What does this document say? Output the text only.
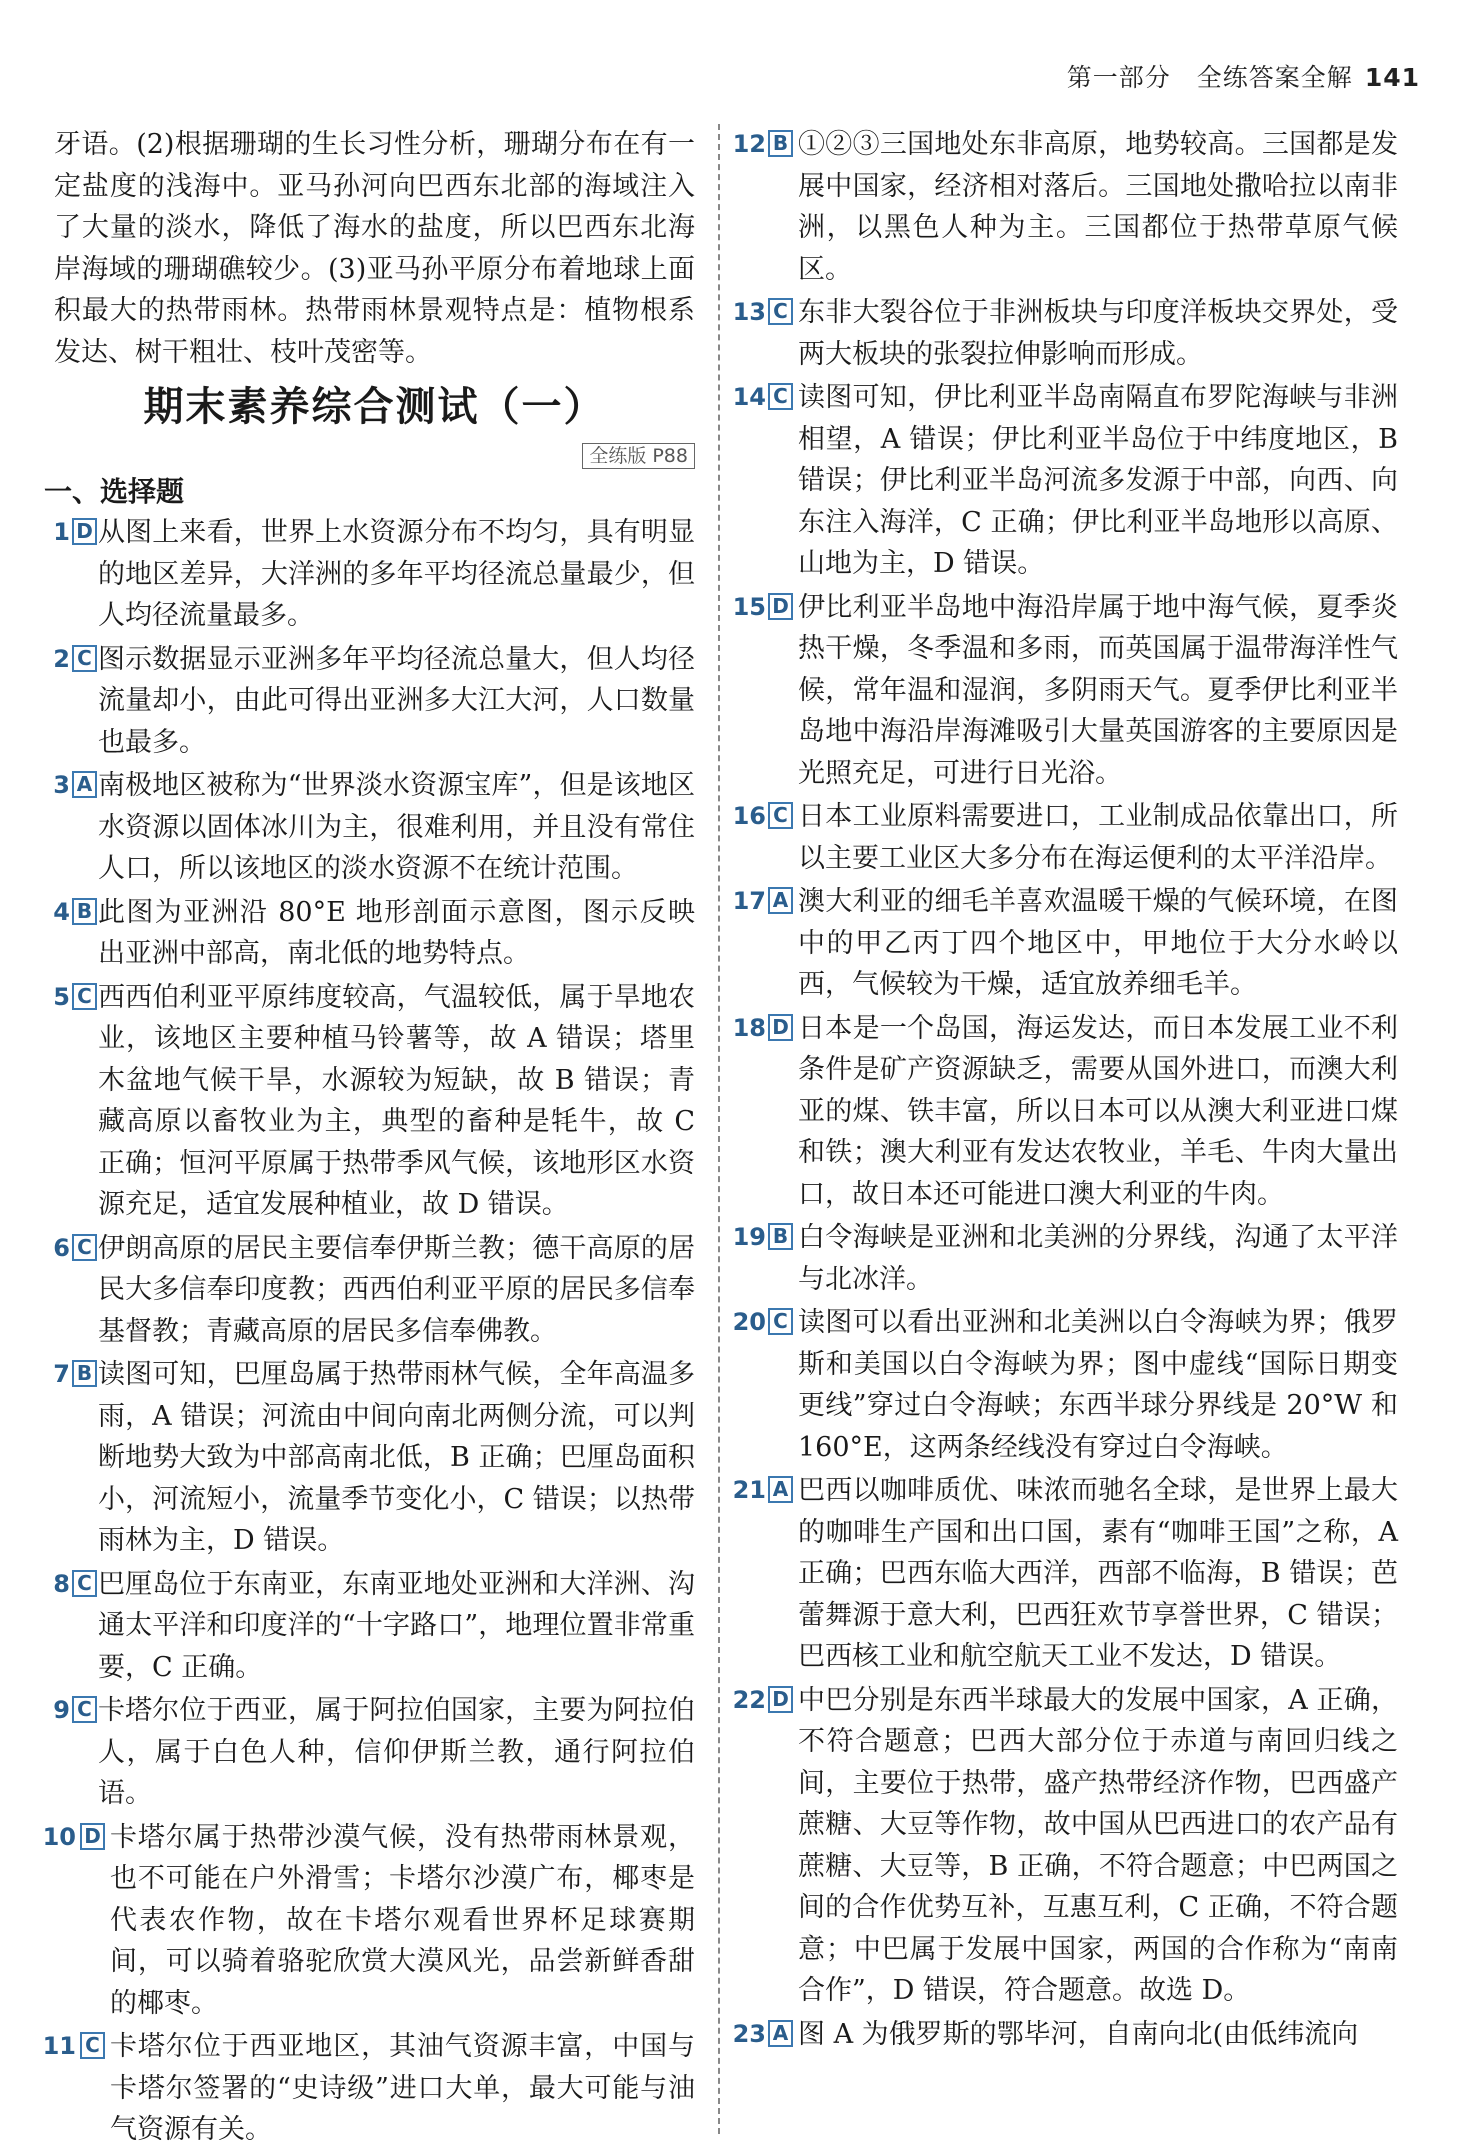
第一部分　全练答案全解 141

牙语。(2)根据珊瑚的生长习性分析，珊瑚分布在有一定盐度的浅海中。亚马孙河向巴西东北部的海域注入了大量的淡水，降低了海水的盐度，所以巴西东北海岸海域的珊瑚礁较少。(3)亚马孙平原分布着地球上面积最大的热带雨林。热带雨林景观特点是：植物根系发达、树干粗壮、枝叶茂密等。

期末素养综合测试（一）
全练版 P88
一、选择题
1 D 从图上来看，世界上水资源分布不均匀，具有明显的地区差异，大洋洲的多年平均径流总量最少，但人均径流量最多。

2 C 图示数据显示亚洲多年平均径流总量大，但人均径流量却小，由此可得出亚洲多大江大河，人口数量也最多。

3 A 南极地区被称为“世界淡水资源宝库”，但是该地区水资源以固体冰川为主，很难利用，并且没有常住人口，所以该地区的淡水资源不在统计范围。

4 B 此图为亚洲沿 80°E 地形剖面示意图，图示反映出亚洲中部高，南北低的地势特点。

5 C 西西伯利亚平原纬度较高，气温较低，属于旱地农业，该地区主要种植马铃薯等，故 A 错误；塔里木盆地气候干旱，水源较为短缺，故 B 错误；青藏高原以畜牧业为主，典型的畜种是牦牛，故 C 正确；恒河平原属于热带季风气候，该地形区水资源充足，适宜发展种植业，故 D 错误。

6 C 伊朗高原的居民主要信奉伊斯兰教；德干高原的居民大多信奉印度教；西西伯利亚平原的居民多信奉基督教；青藏高原的居民多信奉佛教。

7 B 读图可知，巴厘岛属于热带雨林气候，全年高温多雨，A 错误；河流由中间向南北两侧分流，可以判断地势大致为中部高南北低，B 正确；巴厘岛面积小，河流短小，流量季节变化小，C 错误；以热带雨林为主，D 错误。

8 C 巴厘岛位于东南亚，东南亚地处亚洲和大洋洲、沟通太平洋和印度洋的“十字路口”，地理位置非常重要，C 正确。

9 C 卡塔尔位于西亚，属于阿拉伯国家，主要为阿拉伯人，属于白色人种，信仰伊斯兰教，通行阿拉伯语。

10 D 卡塔尔属于热带沙漠气候，没有热带雨林景观，也不可能在户外滑雪；卡塔尔沙漠广布，椰枣是代表农作物，故在卡塔尔观看世界杯足球赛期间，可以骑着骆驼欣赏大漠风光，品尝新鲜香甜的椰枣。

11 C 卡塔尔位于西亚地区，其油气资源丰富，中国与卡塔尔签署的“史诗级”进口大单，最大可能与油气资源有关。

12 B ①②③三国地处东非高原，地势较高。三国都是发展中国家，经济相对落后。三国地处撒哈拉以南非洲，以黑色人种为主。三国都位于热带草原气候区。

13 C 东非大裂谷位于非洲板块与印度洋板块交界处，受两大板块的张裂拉伸影响而形成。

14 C 读图可知，伊比利亚半岛南隔直布罗陀海峡与非洲相望，A 错误；伊比利亚半岛位于中纬度地区，B 错误；伊比利亚半岛河流多发源于中部，向西、向东注入海洋，C 正确；伊比利亚半岛地形以高原、山地为主，D 错误。

15 D 伊比利亚半岛地中海沿岸属于地中海气候，夏季炎热干燥，冬季温和多雨，而英国属于温带海洋性气候，常年温和湿润，多阴雨天气。夏季伊比利亚半岛地中海沿岸海滩吸引大量英国游客的主要原因是光照充足，可进行日光浴。

16 C 日本工业原料需要进口，工业制成品依靠出口，所以主要工业区大多分布在海运便利的太平洋沿岸。

17 A 澳大利亚的细毛羊喜欢温暖干燥的气候环境，在图中的甲乙丙丁四个地区中，甲地位于大分水岭以西，气候较为干燥，适宜放养细毛羊。

18 D 日本是一个岛国，海运发达，而日本发展工业不利条件是矿产资源缺乏，需要从国外进口，而澳大利亚的煤、铁丰富，所以日本可以从澳大利亚进口煤和铁；澳大利亚有发达农牧业，羊毛、牛肉大量出口，故日本还可能进口澳大利亚的牛肉。

19 B 白令海峡是亚洲和北美洲的分界线，沟通了太平洋与北冰洋。

20 C 读图可以看出亚洲和北美洲以白令海峡为界；俄罗斯和美国以白令海峡为界；图中虚线“国际日期变更线”穿过白令海峡；东西半球分界线是 20°W 和 160°E，这两条经线没有穿过白令海峡。

21 A 巴西以咖啡质优、味浓而驰名全球，是世界上最大的咖啡生产国和出口国，素有“咖啡王国”之称，A 正确；巴西东临大西洋，西部不临海，B 错误；芭蕾舞源于意大利，巴西狂欢节享誉世界，C 错误；巴西核工业和航空航天工业不发达，D 错误。

22 D 中巴分别是东西半球最大的发展中国家，A 正确，不符合题意；巴西大部分位于赤道与南回归线之间，主要位于热带，盛产热带经济作物，巴西盛产蔗糖、大豆等作物，故中国从巴西进口的农产品有蔗糖、大豆等，B 正确，不符合题意；中巴两国之间的合作优势互补，互惠互利，C 正确，不符合题意；中巴属于发展中国家，两国的合作称为“南南合作”，D 错误，符合题意。故选 D。

23 A 图 A 为俄罗斯的鄂毕河，自南向北(由低纬流向
